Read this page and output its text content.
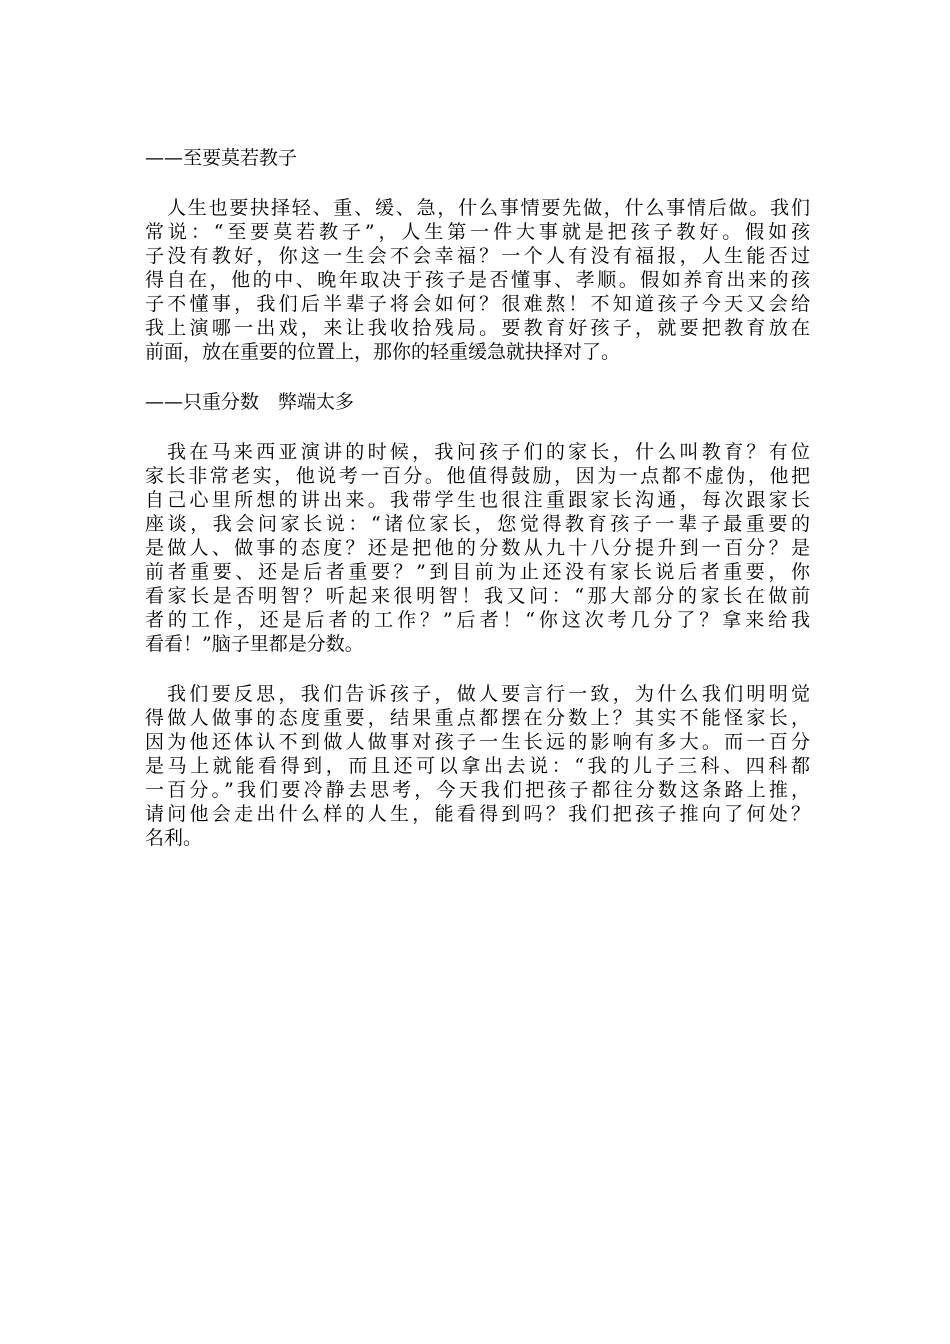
——至要莫若教子
人生也要抉择轻、重、缓、急，什么事情要先做，什么事情后做。我们
常说：“至要莫若教子”，人生第一件大事就是把孩子教好。假如孩
子没有教好，你这一生会不会幸福？一个人有没有福报，人生能否过
得自在，他的中、晚年取决于孩子是否懂事、孝顺。假如养育出来的孩
子不懂事，我们后半辈子将会如何？很难熬！不知道孩子今天又会给
我上演哪一出戏，来让我收拾残局。要教育好孩子，就要把教育放在
前面，放在重要的位置上，那你的轻重缓急就抉择对了。
——只重分数　弊端太多
我在马来西亚演讲的时候，我问孩子们的家长，什么叫教育？有位
家长非常老实，他说考一百分。他值得鼓励，因为一点都不虚伪，他把
自己心里所想的讲出来。我带学生也很注重跟家长沟通，每次跟家长
座谈，我会问家长说：“诸位家长，您觉得教育孩子一辈子最重要的
是做人、做事的态度？还是把他的分数从九十八分提升到一百分？是
前者重要、还是后者重要？”到目前为止还没有家长说后者重要，你
看家长是否明智？听起来很明智！我又问：“那大部分的家长在做前
者的工作，还是后者的工作？”后者！“你这次考几分了？拿来给我
看看！”脑子里都是分数。
我们要反思，我们告诉孩子，做人要言行一致，为什么我们明明觉
得做人做事的态度重要，结果重点都摆在分数上？其实不能怪家长，
因为他还体认不到做人做事对孩子一生长远的影响有多大。而一百分
是马上就能看得到，而且还可以拿出去说：“我的儿子三科、四科都
一百分。”我们要冷静去思考，今天我们把孩子都往分数这条路上推，
请问他会走出什么样的人生，能看得到吗？我们把孩子推向了何处？
名利。
